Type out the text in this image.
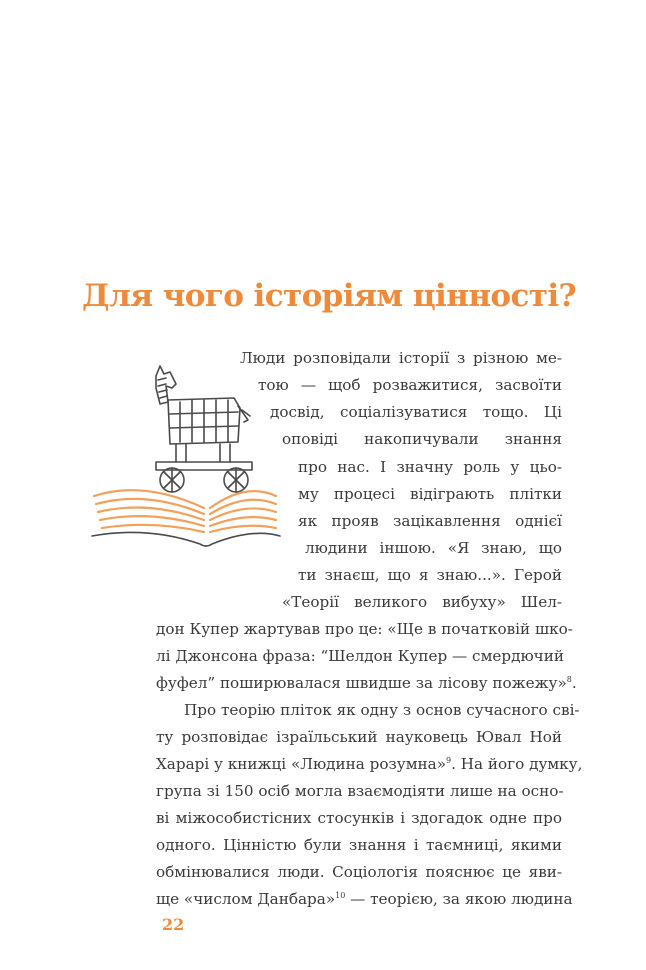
Для чого історіям цінності?
Люди розповідали історії з різною ме-
тою — щоб розважитися, засвоїти
досвід, соціалізуватися тощо. Ці
оповіді накопичували знання
про нас. І значну роль у цьо-
му процесі відіграють плітки
як прояв зацікавлення однієї
людини іншою. «Я знаю, що
ти знаєш, що я знаю...». Герой
«Теорії великого вибуху» Шел-
дон Купер жартував про це: «Ще в початковій шко-
лі Джонсона фраза: “Шелдон Купер — смердючий
фуфел” поширювалася швидше за лісову пожежу»$^8$.
Про теорію пліток як одну з основ сучасного сві-
ту розповідає ізраїльський науковець Ювал Ной
Харарі у книжці «Людина розумна»$^9$. На його думку,
група зі 150 осіб могла взаємодіяти лише на осно-
ві міжособистісних стосунків і здогадок одне про
одного. Цінністю були знання і таємниці, якими
обмінювалися люди. Соціологія пояснює це яви-
ще «числом Данбара»$^{10}$ — теорією, за якою людина
22
